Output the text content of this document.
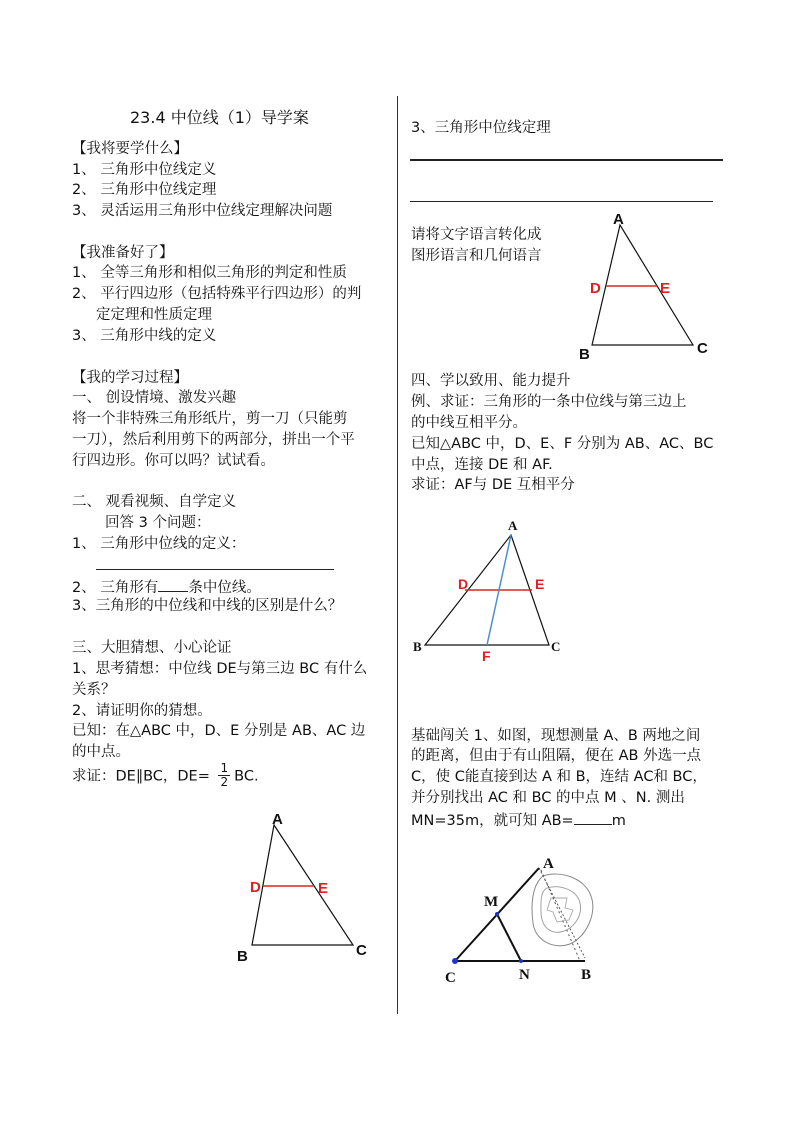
23.4 中位线（1）导学案
【我将要学什么】
1、 三角形中位线定义
2、 三角形中位线定理
3、 灵活运用三角形中位线定理解决问题
【我准备好了】
1、 全等三角形和相似三角形的判定和性质
2、 平行四边形（包括特殊平行四边形）的判
定定理和性质定理
3、 三角形中线的定义
【我的学习过程】
一、 创设情境、激发兴趣
将一个非特殊三角形纸片，剪一刀（只能剪
一刀），然后利用剪下的两部分，拼出一个平
行四边形。你可以吗？试试看。
二、 观看视频、自学定义
回答 3 个问题：
1、 三角形中位线的定义：
2、 三角形有 条中位线。
3、三角形的中位线和中线的区别是什么？
三、大胆猜想、小心论证
1、思考猜想：中位线 DE与第三边 BC 有什么
关系？
2、请证明你的猜想。
已知：在△ABC 中，D、E 分别是 AB、AC 边
的中点。
求证：DE∥BC，$DE= \frac{1}{2}$ BC.
A
D	E
B	C
3、三角形中位线定理
请将文字语言转化成
图形语言和几何语言
A
D	E
B	C
四、学以致用、能力提升
例、求证：三角形的一条中位线与第三边上
的中线互相平分。
已知△ABC 中，D、E、F 分别为 AB、AC、BC
中点，连接 DE 和 AF.
求证：AF与 DE 互相平分
A
D	E
B	C
F
基础闯关 1、如图，现想测量 A、B 两地之间
的距离，但由于有山阻隔，便在 AB 外选一点
C，使 C能直接到达 A 和 B，连结 AC和 BC，
并分别找出 AC 和 BC 的中点 M 、N. 测出
MN=35m，就可知 AB=	m
A
M
C	N	B
